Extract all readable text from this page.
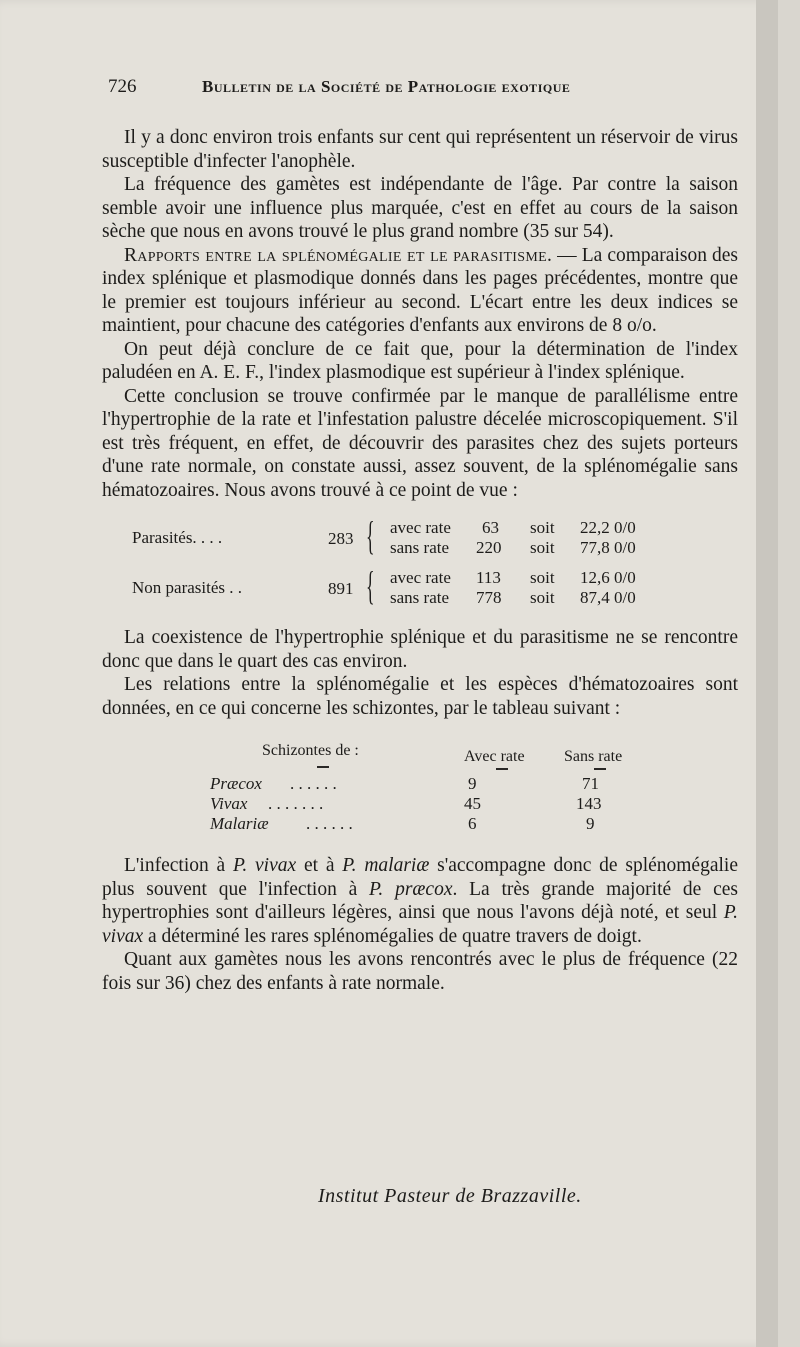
726	Bulletin de la Société de Pathologie exotique

Il y a donc environ trois enfants sur cent qui représentent un réservoir de virus susceptible d'infecter l'anophèle.

La fréquence des gamètes est indépendante de l'âge. Par contre la saison semble avoir une influence plus marquée, c'est en effet au cours de la saison sèche que nous en avons trouvé le plus grand nombre (35 sur 54).

Rapports entre la splénomégalie et le parasitisme. — La comparaison des index splénique et plasmodique donnés dans les pages précédentes, montre que le premier est toujours inférieur au second. L'écart entre les deux indices se maintient, pour chacune des catégories d'enfants aux environs de 8 o/o.

On peut déjà conclure de ce fait que, pour la détermination de l'index paludéen en A. E. F., l'index plasmodique est supérieur à l'index splénique.

Cette conclusion se trouve confirmée par le manque de parallélisme entre l'hypertrophie de la rate et l'infestation palustre décelée microscopiquement. S'il est très fréquent, en effet, de découvrir des parasites chez des sujets porteurs d'une rate normale, on constate aussi, assez souvent, de la splénomégalie sans hématozoaires. Nous avons trouvé à ce point de vue :

Parasités. . . .	283 { avec rate 63 soit 22,2 0/0
sans rate 220 soit 77,8 0/0
Non parasités . .	891 { avec rate 113 soit 12,6 0/0
sans rate 778 soit 87,4 0/0

La coexistence de l'hypertrophie splénique et du parasitisme ne se rencontre donc que dans le quart des cas environ.

Les relations entre la splénomégalie et les espèces d'hématozoaires sont données, en ce qui concerne les schizontes, par le tableau suivant :

Schizontes de :	Avec rate Sans rate
Præcox . . . . . .	9	71
Vivax . . . . . . .	45	143
Malariæ . . . . . .	6	9

L'infection à P. vivax et à P. malariæ s'accompagne donc de splénomégalie plus souvent que l'infection à P. præcox. La très grande majorité de ces hypertrophies sont d'ailleurs légères, ainsi que nous l'avons déjà noté, et seul P. vivax a déterminé les rares splénomégalies de quatre travers de doigt.

Quant aux gamètes nous les avons rencontrés avec le plus de fréquence (22 fois sur 36) chez des enfants à rate normale.

Institut Pasteur de Brazzaville.
